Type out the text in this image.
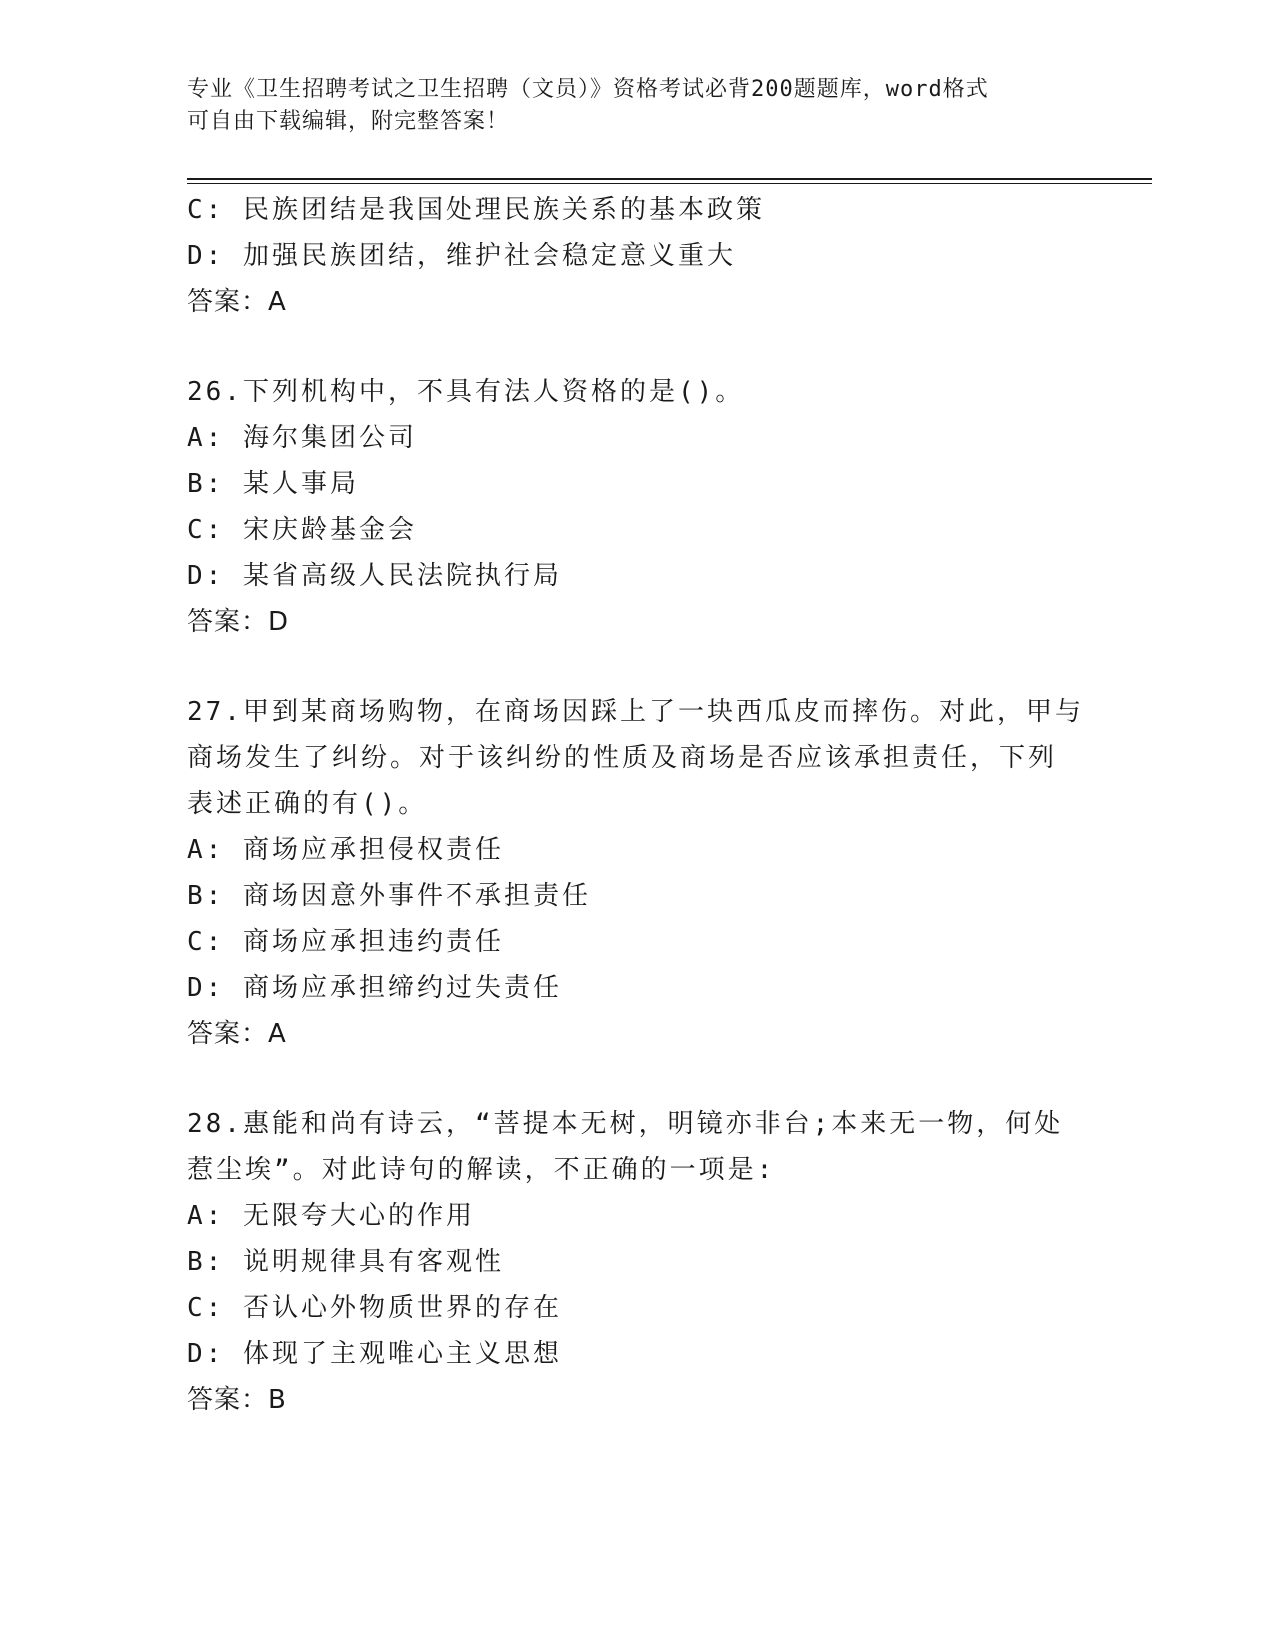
专业《卫生招聘考试之卫生招聘（文员）》资格考试必背200题题库，word格式
可自由下载编辑，附完整答案！
C: 民族团结是我国处理民族关系的基本政策
D: 加强民族团结，维护社会稳定意义重大
答案：A
26.下列机构中，不具有法人资格的是()。
A: 海尔集团公司
B: 某人事局
C: 宋庆龄基金会
D: 某省高级人民法院执行局
答案：D
27.甲到某商场购物，在商场因踩上了一块西瓜皮而摔伤。对此，甲与
商场发生了纠纷。对于该纠纷的性质及商场是否应该承担责任，下列
表述正确的有()。
A: 商场应承担侵权责任
B: 商场因意外事件不承担责任
C: 商场应承担违约责任
D: 商场应承担缔约过失责任
答案：A
28.惠能和尚有诗云，“菩提本无树，明镜亦非台;本来无一物，何处
惹尘埃”。对此诗句的解读，不正确的一项是:
A: 无限夸大心的作用
B: 说明规律具有客观性
C: 否认心外物质世界的存在
D: 体现了主观唯心主义思想
答案：B
